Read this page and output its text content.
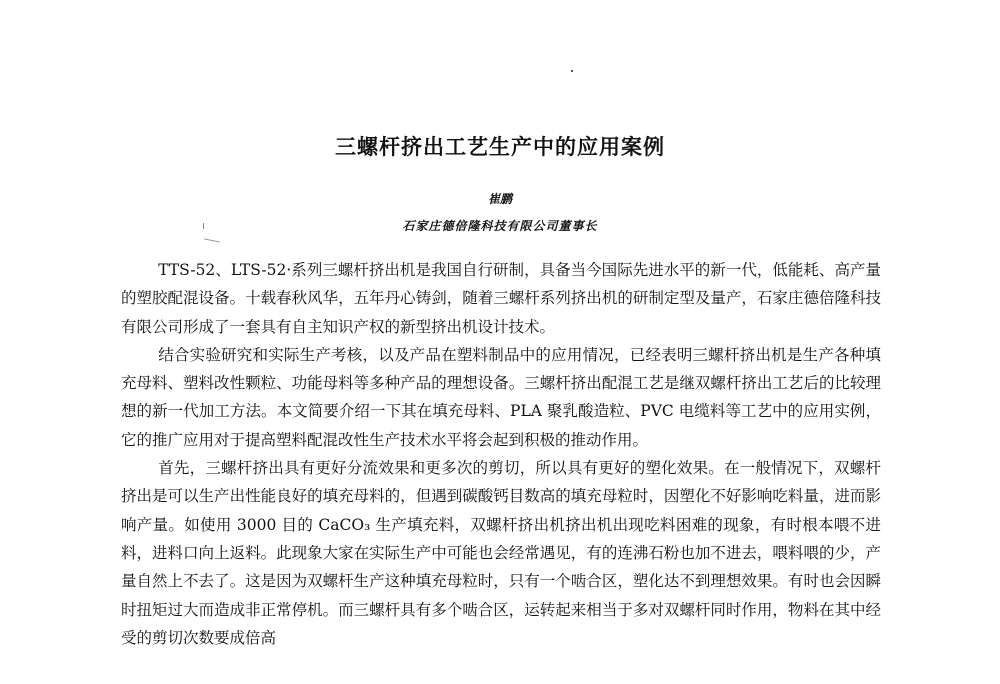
三螺杆挤出工艺生产中的应用案例

崔鹏

石家庄德倍隆科技有限公司董事长

TTS-52、LTS-52·系列三螺杆挤出机是我国自行研制，具备当今国际先进水平的新一代，低能耗、高产量的塑胶配混设备。十载春秋风华，五年丹心铸剑，随着三螺杆系列挤出机的研制定型及量产，石家庄德倍隆科技有限公司形成了一套具有自主知识产权的新型挤出机设计技术。

结合实验研究和实际生产考核，以及产品在塑料制品中的应用情况，已经表明三螺杆挤出机是生产各种填充母料、塑料改性颗粒、功能母料等多种产品的理想设备。三螺杆挤出配混工艺是继双螺杆挤出工艺后的比较理想的新一代加工方法。本文简要介绍一下其在填充母料、PLA 聚乳酸造粒、PVC 电缆料等工艺中的应用实例，它的推广应用对于提高塑料配混改性生产技术水平将会起到积极的推动作用。

首先，三螺杆挤出具有更好分流效果和更多次的剪切，所以具有更好的塑化效果。在一般情况下，双螺杆挤出是可以生产出性能良好的填充母料的，但遇到碳酸钙目数高的填充母粒时，因塑化不好影响吃料量，进而影响产量。如使用 3000 目的 CaCO₃ 生产填充料，双螺杆挤出机挤出机出现吃料困难的现象，有时根本喂不进料，进料口向上返料。此现象大家在实际生产中可能也会经常遇见，有的连沸石粉也加不进去，喂料喂的少，产量自然上不去了。这是因为双螺杆生产这种填充母粒时，只有一个啮合区，塑化达不到理想效果。有时也会因瞬时扭矩过大而造成非正常停机。而三螺杆具有多个啮合区，运转起来相当于多对双螺杆同时作用，物料在其中经受的剪切次数要成倍高
